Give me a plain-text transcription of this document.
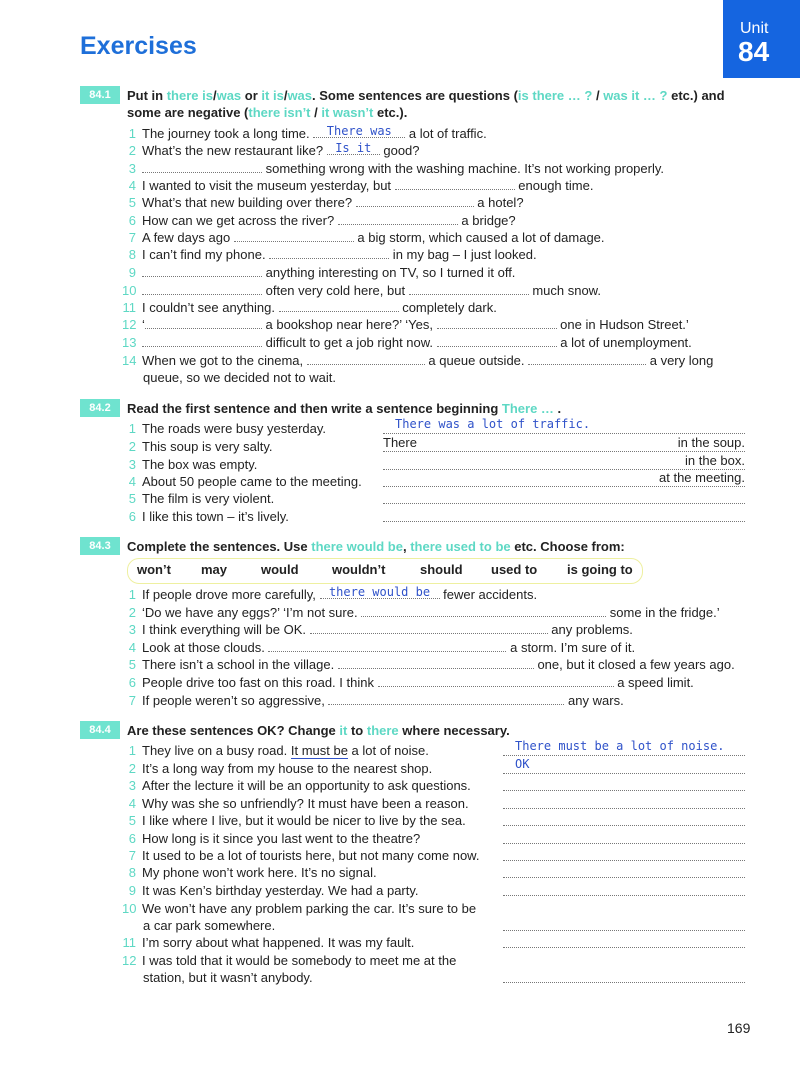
Exercises
Unit
84
84.1	Put in there is/was or it is/was. Some sentences are questions (is there … ? / was it … ? etc.) and some are negative (there isn’t / it wasn’t etc.).
1 The journey took a long time. There was a lot of traffic.
2 What’s the new restaurant like? Is it good?
3	something wrong with the washing machine. It’s not working properly.
4 I wanted to visit the museum yesterday, but	enough time.
5 What’s that new building over there?	a hotel?
6 How can we get across the river?	a bridge?
7 A few days ago	a big storm, which caused a lot of damage.
8 I can’t find my phone.	in my bag – I just looked.
9	anything interesting on TV, so I turned it off.
10	often very cold here, but	much snow.
11 I couldn’t see anything.	completely dark.
12 ‘	a bookshop near here?’ ‘Yes,	one in Hudson Street.’
13	difficult to get a job right now.	a lot of unemployment.
14 When we got to the cinema,	a queue outside.	a very long
queue, so we decided not to wait.
84.2	Read the first sentence and then write a sentence beginning There … .
1 The roads were busy yesterday.	There was a lot of traffic.
2 This soup is very salty.	There	in the soup.
3 The box was empty.	in the box.
4 About 50 people came to the meeting.	at the meeting.
5 The film is very violent.
6 I like this town – it’s lively.
84.3	Complete the sentences. Use there would be, there used to be etc. Choose from:
won’t may	would	wouldn’t	should used to is going to
1 If people drove more carefully, there would be fewer accidents.
2 ‘Do we have any eggs?’ ‘I’m not sure.	some in the fridge.’
3 I think everything will be OK.	any problems.
4 Look at those clouds.	a storm. I’m sure of it.
5 There isn’t a school in the village.	one, but it closed a few years ago.
6 People drive too fast on this road. I think	a speed limit.
7 If people weren’t so aggressive,	any wars.
84.4	Are these sentences OK? Change it to there where necessary.
1 They live on a busy road. It must be a lot of noise.	There must be a lot of noise.
2 It’s a long way from my house to the nearest shop.	OK
3 After the lecture it will be an opportunity to ask questions.
4 Why was she so unfriendly? It must have been a reason.
5 I like where I live, but it would be nicer to live by the sea.
6 How long is it since you last went to the theatre?
7 It used to be a lot of tourists here, but not many come now.
8 My phone won’t work here. It’s no signal.
9 It was Ken’s birthday yesterday. We had a party.
10 We won’t have any problem parking the car. It’s sure to be
a car park somewhere.
11 I’m sorry about what happened. It was my fault.
12 I was told that it would be somebody to meet me at the
station, but it wasn’t anybody.
169
